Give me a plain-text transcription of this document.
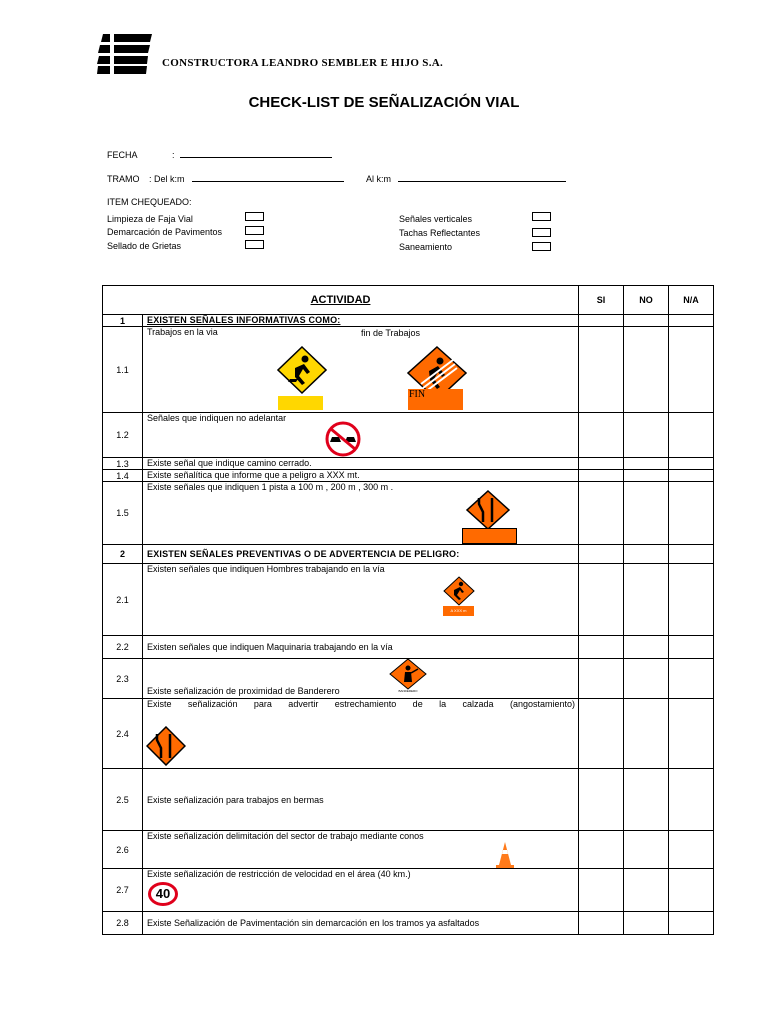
CONSTRUCTORA LEANDRO SEMBLER E HIJO S.A.
CHECK-LIST DE SEÑALIZACIÓN VIAL
FECHA	:
TRAMO : Del k:m	Al k:m
ITEM CHEQUEADO:
Limpieza de Faja Vial
Demarcación de Pavimentos
Sellado de Grietas
Señales verticales
Tachas Reflectantes
Saneamiento
ACTIVIDAD		SI	NO	N/A
1	EXISTEN SEÑALES INFORMATIVAS COMO:			
1.1	Trabajos en la via fin de Trabajos
FIN			

1.2	Señales que indiquen no adelantar

1.3	Existe señal que indique camino cerrado.			
1.4	Existe señalítica que informe que a peligro a XXX mt.			
1.5	Existe señales que indiquen 1 pista a 100 m , 200 m , 300 m .

2	EXISTEN SEÑALES PREVENTIVAS O DE ADVERTENCIA DE PELIGRO:			
2.1	Existen señales que indiquen Hombres trabajando en la vía
A XXX m			

2.2	Existen señales que indiquen Maquinaria trabajando en la vía			
2.3	Existe señalización de proximidad de Banderero BANDERERO			

2.4	Existe señalización para advertir estrechamiento de la calzada (angostamiento)			

2.5	Existe señalización para trabajos en bermas			
2.6	Existe señalización delimitación del sector de trabajo mediante conos

2.7	Existe señalización de restricción de velocidad en el área (40 km.)
40			

2.8	Existe Señalización de Pavimentación sin demarcación en los tramos ya asfaltados			
